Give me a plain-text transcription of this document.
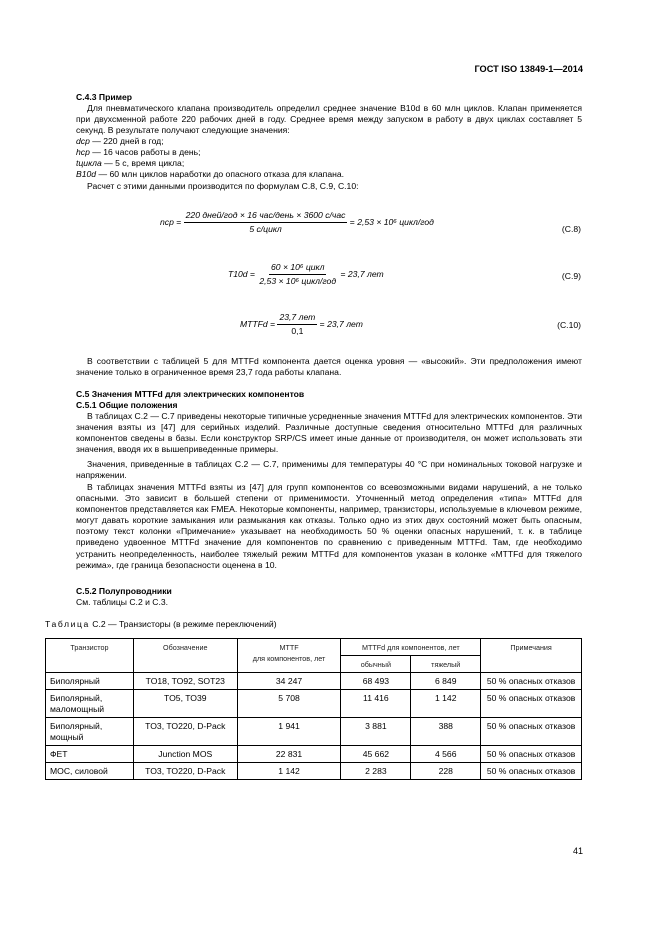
ГОСТ ISO 13849-1—2014
C.4.3 Пример
Для пневматического клапана производитель определил среднее значение B10d в 60 млн циклов. Клапан применяется при двухсменной работе 220 рабочих дней в году. Среднее время между запуском в работу в двух циклах составляет 5 секунд. В результате получают следующие значения:
dср — 220 дней в год;
hср — 16 часов работы в день;
tцикла — 5 с, время цикла;
B10d — 60 млн циклов наработки до опасного отказа для клапана.
Расчет с этими данными производится по формулам С.8, С.9, С.10:
nср = $\frac{\text{220 дней/год × 16 час/день × 3600 с/час}}{\text{5 с/цикл}} = 2,53 \times 10^6$ цикл/год
(С.8)
$T10d = \frac{\text{60 × 10⁶ цикл}}{\text{2,53 × 10⁶ цикл/год}} = 23,7$ лет	(С.9)
MTTFd = $\frac{\text{23,7 лет}}{0,1} = 23,7$ лет	(С.10)
В соответствии с таблицей 5 для MTTFd компонента дается оценка уровня — «высокий». Эти предположения имеют значение только в ограниченное время 23,7 года работы клапана.
C.5 Значения MTTFd для электрических компонентов
C.5.1 Общие положения
В таблицах С.2 — С.7 приведены некоторые типичные усредненные значения MTTFd для электрических компонентов. Эти значения взяты из [47] для серийных изделий. Различные доступные сведения относительно MTTFd для различных компонентов сведены в базы. Если конструктор SRP/CS имеет иные данные от производителя, он может использовать эти значения, вводя их в вышеприведенные примеры.
Значения, приведенные в таблицах С.2 — С.7, применимы для температуры 40 °С при номинальных токовой нагрузке и напряжении.
В таблицах значения MTTFd взяты из [47] для групп компонентов со всевозможными видами нарушений, а не только опасными. Это зависит в большей степени от применимости. Уточненный метод определения «типа» MTTFd для компонентов представляется как FMEA. Некоторые компоненты, например, транзисторы, используемые в ключевом режиме, могут давать короткие замыкания или размыкания как отказы. Только одно из этих двух состояний может быть опасным, поэтому текст колонки «Примечание» указывает на необходимость 50 % оценки опасных нарушений, т. к. в таблице приведено удвоенное MTTFd значение для компонентов по сравнению с приведенным MTTFd. Там, где необходимо устранить неопределенность, наиболее тяжелый режим MTTFd для компонентов указан в колонке «MTTFd для тяжелого режима», где граница безопасности оценена в 10.
C.5.2 Полупроводники
См. таблицы С.2 и С.3.
Таблица С.2 — Транзисторы (в режиме переключений)
Транзистор	Обозначение	MTTF
для компонентов, лет	MTTFd для компонентов, лет		Примечания
			обычный	тяжелый	
Биполярный	TO18, TO92, SOT23	34 247	68 493	6 849	50 % опасных отказов
Биполярный, маломощный	TO5, TO39	5 708	11 416	1 142	50 % опасных отказов
Биполярный, мощный	TO3, TO220, D-Pack	1 941	3 881	388	50 % опасных отказов
ФЕТ	Junction MOS	22 831	45 662	4 566	50 % опасных отказов
МОС, силовой	TO3, TO220, D-Pack	1 142	2 283	228	50 % опасных отказов
41
